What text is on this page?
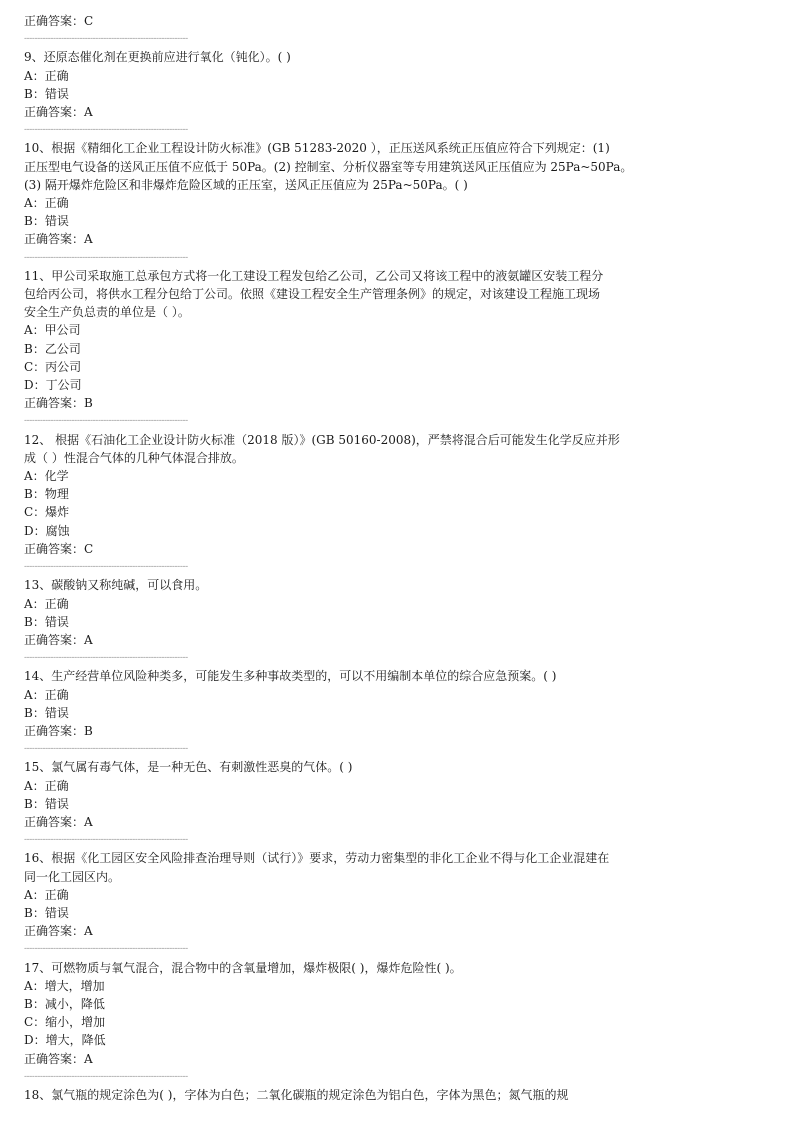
正确答案：C
--------------------------------------------------------------
9、还原态催化剂在更换前应进行氧化（钝化）。( )
A：正确
B：错误
正确答案：A
--------------------------------------------------------------
10、根据《精细化工企业工程设计防火标准》(GB 51283-2020 ），正压送风系统正压值应符合下列规定：(1)
正压型电气设备的送风正压值不应低于 50Pa。(2) 控制室、分析仪器室等专用建筑送风正压值应为 25Pa~50Pa。
(3) 隔开爆炸危险区和非爆炸危险区域的正压室，送风正压值应为 25Pa~50Pa。( )
A：正确
B：错误
正确答案：A
--------------------------------------------------------------
11、甲公司采取施工总承包方式将一化工建设工程发包给乙公司，乙公司又将该工程中的液氨罐区安装工程分
包给丙公司，将供水工程分包给丁公司。依照《建设工程安全生产管理条例》的规定，对该建设工程施工现场
安全生产负总责的单位是（ ）。
A：甲公司
B：乙公司
C：丙公司
D：丁公司
正确答案：B
--------------------------------------------------------------
12、 根据《石油化工企业设计防火标准（2018 版）》(GB 50160-2008)，严禁将混合后可能发生化学反应并形
成（ ）性混合气体的几种气体混合排放。
A：化学
B：物理
C：爆炸
D：腐蚀
正确答案：C
--------------------------------------------------------------
13、碳酸钠又称纯碱，可以食用。
A：正确
B：错误
正确答案：A
--------------------------------------------------------------
14、生产经营单位风险种类多，可能发生多种事故类型的，可以不用编制本单位的综合应急预案。( )
A：正确
B：错误
正确答案：B
--------------------------------------------------------------
15、氯气属有毒气体，是一种无色、有刺激性恶臭的气体。( )
A：正确
B：错误
正确答案：A
--------------------------------------------------------------
16、根据《化工园区安全风险排查治理导则（试行）》要求，劳动力密集型的非化工企业不得与化工企业混建在
同一化工园区内。
A：正确
B：错误
正确答案：A
--------------------------------------------------------------
17、可燃物质与氧气混合，混合物中的含氧量增加，爆炸极限( )，爆炸危险性( )。
A：增大，增加
B：减小，降低
C：缩小，增加
D：增大，降低
正确答案：A
--------------------------------------------------------------
18、氯气瓶的规定涂色为( )，字体为白色；二氧化碳瓶的规定涂色为铝白色，字体为黑色；氮气瓶的规
